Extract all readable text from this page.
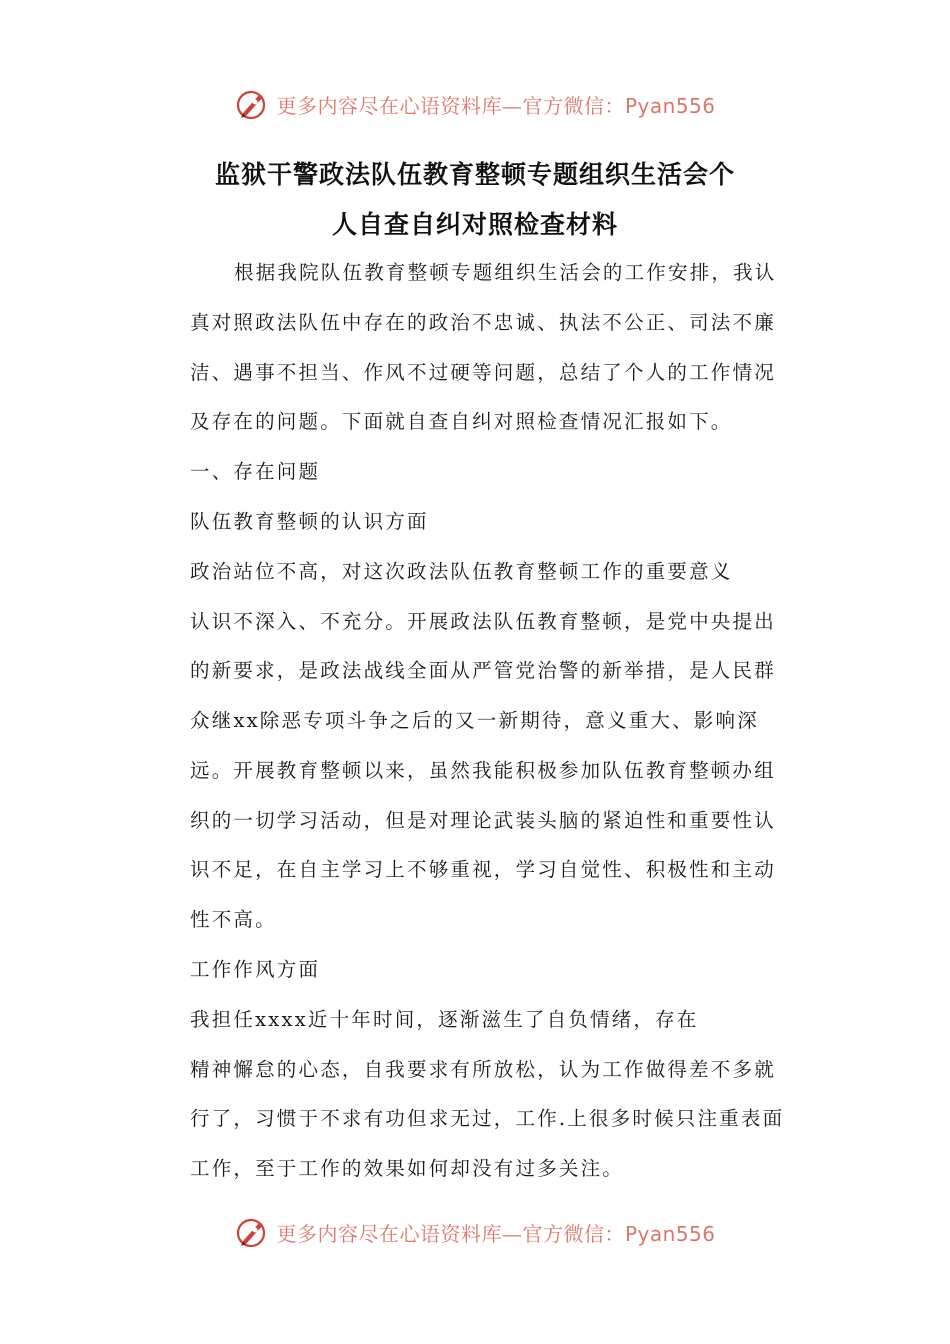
更多内容尽在心语资料库—官方微信：Pyan556
监狱干警政法队伍教育整顿专题组织生活会个
人自查自纠对照检查材料
根据我院队伍教育整顿专题组织生活会的工作安排，我认
真对照政法队伍中存在的政治不忠诚、执法不公正、司法不廉
洁、遇事不担当、作风不过硬等问题，总结了个人的工作情况
及存在的问题。下面就自查自纠对照检查情况汇报如下。
一、存在问题
队伍教育整顿的认识方面
政治站位不高，对这次政法队伍教育整顿工作的重要意义
认识不深入、不充分。开展政法队伍教育整顿，是党中央提出
的新要求，是政法战线全面从严管党治警的新举措，是人民群
众继xx除恶专项斗争之后的又一新期待，意义重大、影响深
远。开展教育整顿以来，虽然我能积极参加队伍教育整顿办组
织的一切学习活动，但是对理论武装头脑的紧迫性和重要性认
识不足，在自主学习上不够重视，学习自觉性、积极性和主动
性不高。
工作作风方面
我担任xxxx近十年时间，逐渐滋生了自负情绪，存在
精神懈怠的心态，自我要求有所放松，认为工作做得差不多就
行了，习惯于不求有功但求无过，工作.上很多时候只注重表面
工作，至于工作的效果如何却没有过多关注。
更多内容尽在心语资料库—官方微信：Pyan556
